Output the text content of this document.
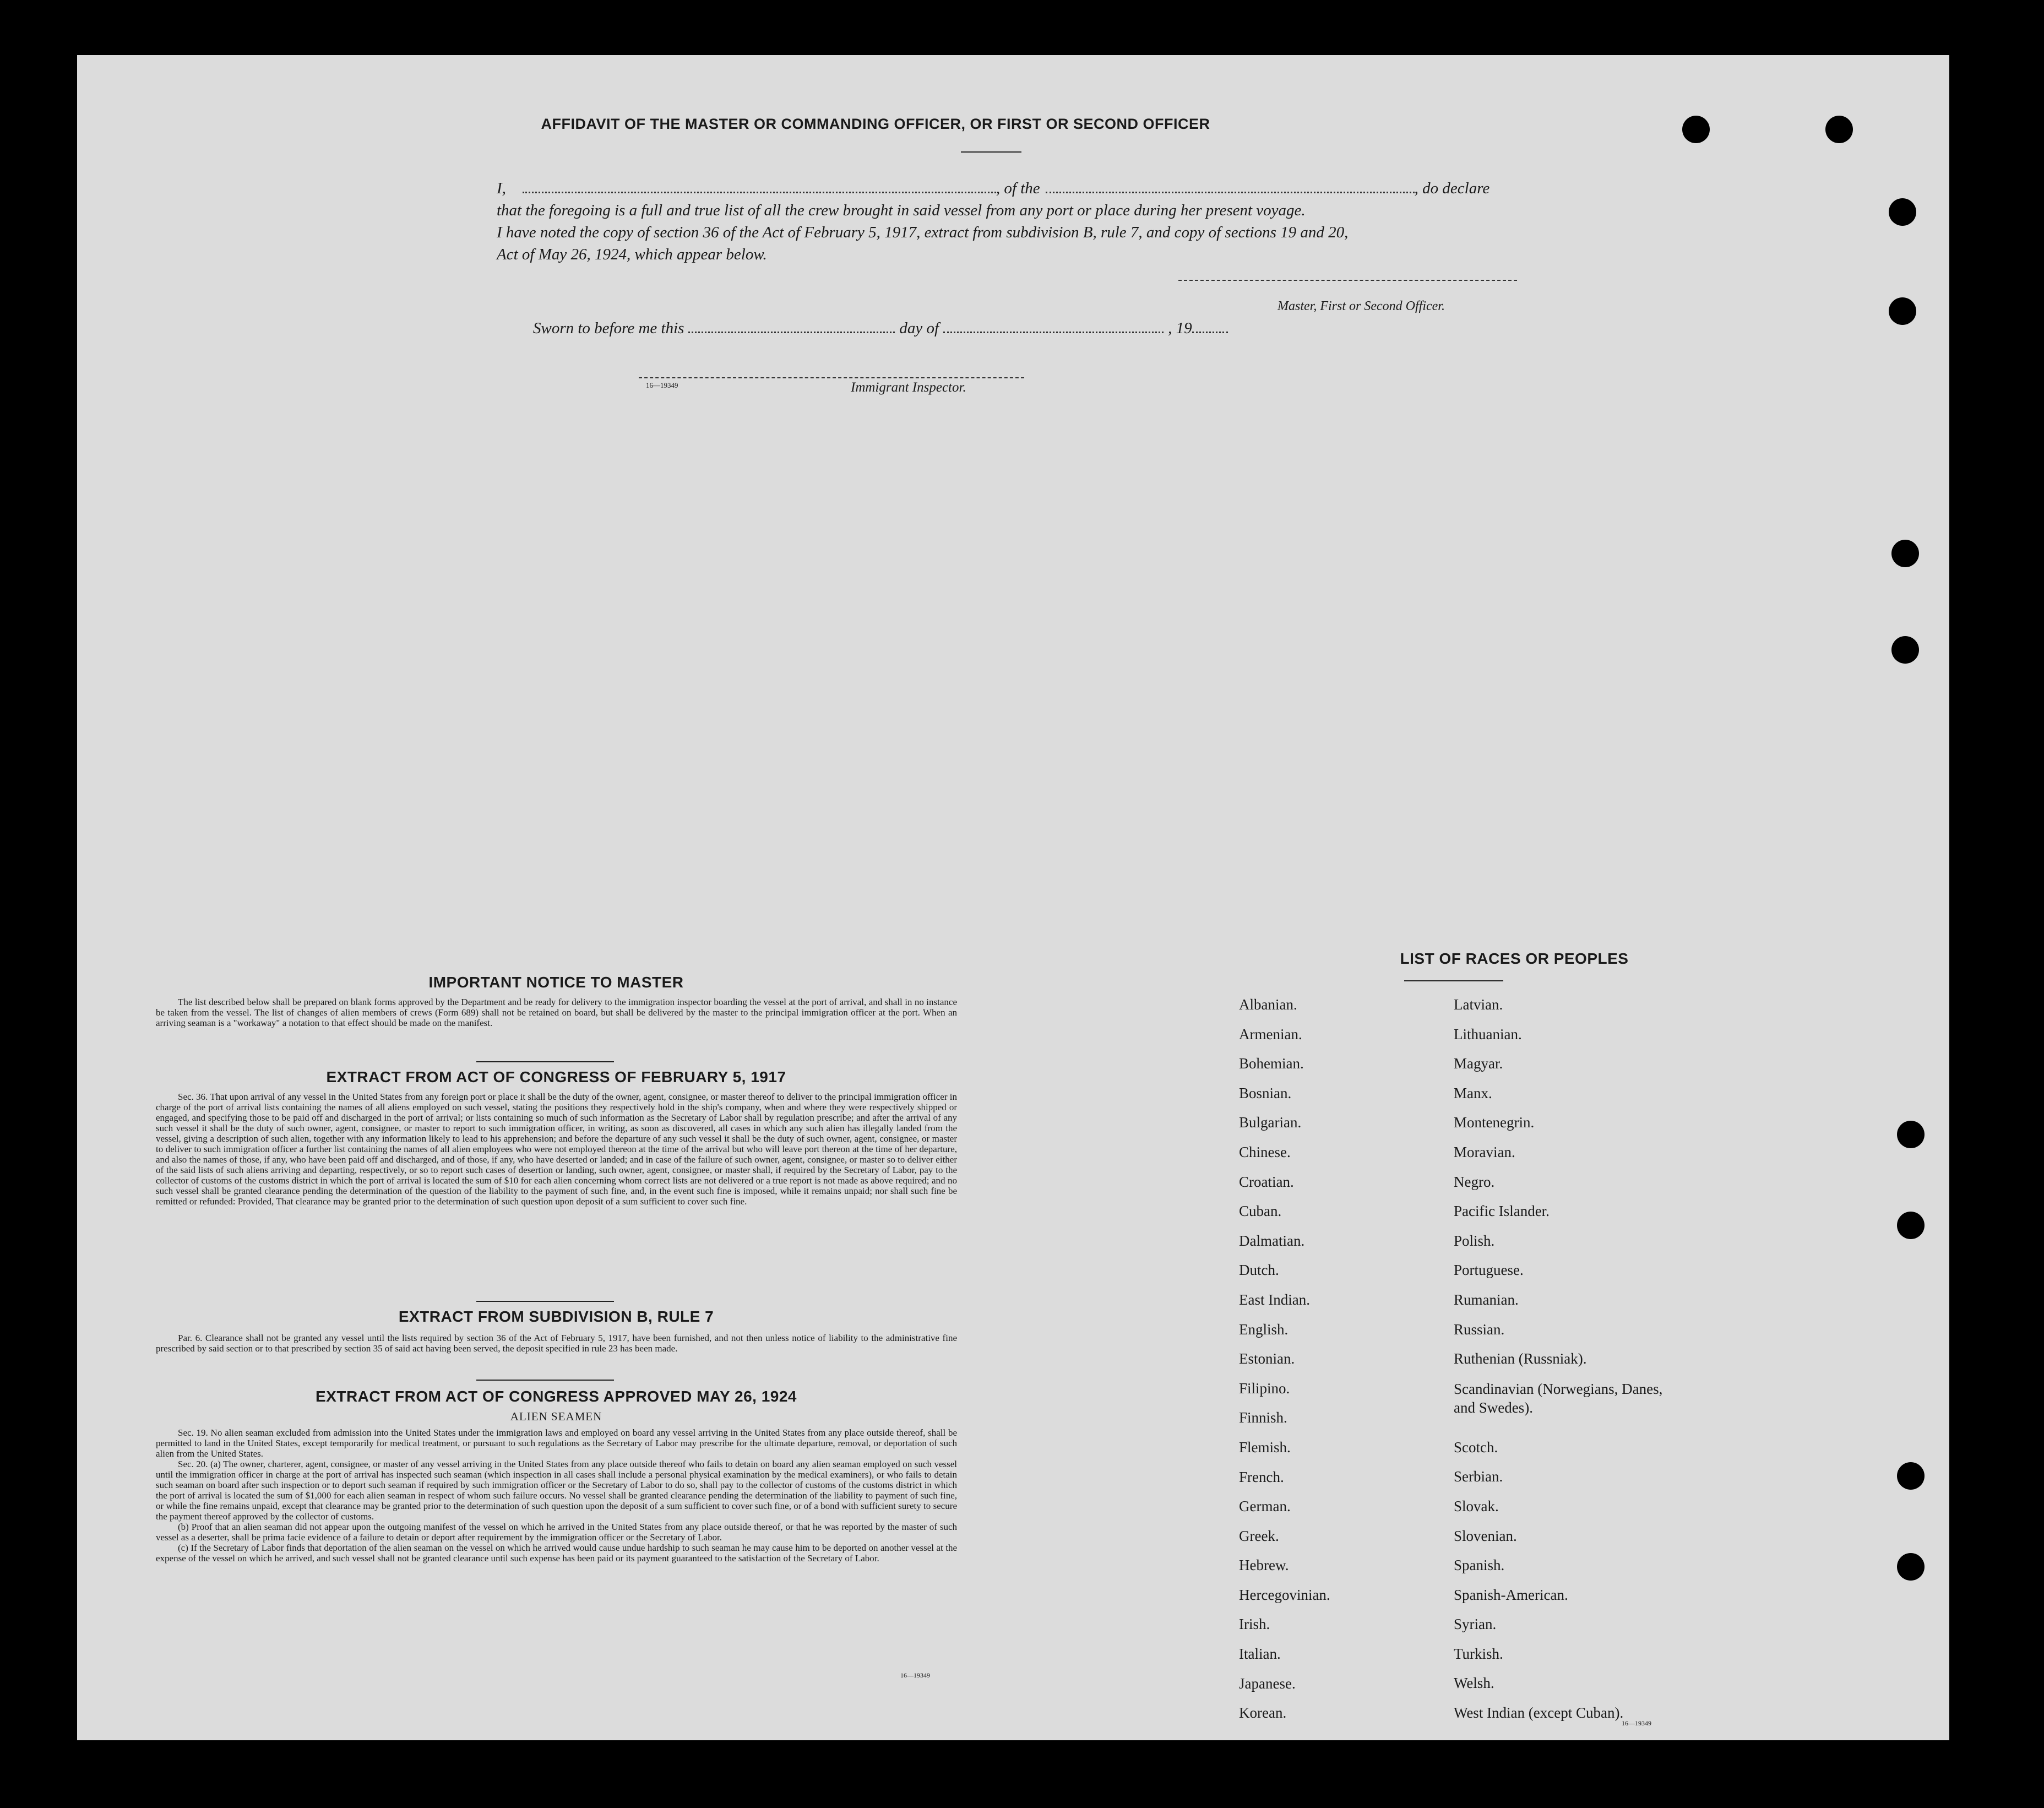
AFFIDAVIT OF THE MASTER OR COMMANDING OFFICER, OR FIRST OR SECOND OFFICER
I,	, of the	, do declare
that the foregoing is a full and true list of all the crew brought in said vessel from any port or place during her present voyage.
I have noted the copy of section 36 of the Act of February 5, 1917, extract from subdivision B, rule 7, and copy of sections 19 and 20,
Act of May 26, 1924, which appear below.
Master, First or Second Officer.
Sworn to before me this	day of	, 19
16—19349	Immigrant Inspector.
IMPORTANT NOTICE TO MASTER
The list described below shall be prepared on blank forms approved by the Department and be ready for delivery to the immigration inspector boarding the vessel at the port of arrival, and shall in no instance be taken from the vessel. The list of changes of alien members of crews (Form 689) shall not be retained on board, but shall be delivered by the master to the principal immigration officer at the port. When an arriving seaman is a "workaway" a notation to that effect should be made on the manifest.
EXTRACT FROM ACT OF CONGRESS OF FEBRUARY 5, 1917
Sec. 36. That upon arrival of any vessel in the United States from any foreign port or place it shall be the duty of the owner, agent, consignee, or master thereof to deliver to the principal immigration officer in charge of the port of arrival lists containing the names of all aliens employed on such vessel, stating the positions they respectively hold in the ship's company, when and where they were respectively shipped or engaged, and specifying those to be paid off and discharged in the port of arrival; or lists containing so much of such information as the Secretary of Labor shall by regulation prescribe; and after the arrival of any such vessel it shall be the duty of such owner, agent, consignee, or master to report to such immigration officer, in writing, as soon as discovered, all cases in which any such alien has illegally landed from the vessel, giving a description of such alien, together with any information likely to lead to his apprehension; and before the departure of any such vessel it shall be the duty of such owner, agent, consignee, or master to deliver to such immigration officer a further list containing the names of all alien employees who were not employed thereon at the time of the arrival but who will leave port thereon at the time of her departure, and also the names of those, if any, who have been paid off and discharged, and of those, if any, who have deserted or landed; and in case of the failure of such owner, agent, consignee, or master so to deliver either of the said lists of such aliens arriving and departing, respectively, or so to report such cases of desertion or landing, such owner, agent, consignee, or master shall, if required by the Secretary of Labor, pay to the collector of customs of the customs district in which the port of arrival is located the sum of $10 for each alien concerning whom correct lists are not delivered or a true report is not made as above required; and no such vessel shall be granted clearance pending the determination of the question of the liability to the payment of such fine, and, in the event such fine is imposed, while it remains unpaid; nor shall such fine be remitted or refunded: Provided, That clearance may be granted prior to the determination of such question upon deposit of a sum sufficient to cover such fine.
EXTRACT FROM SUBDIVISION B, RULE 7
Par. 6. Clearance shall not be granted any vessel until the lists required by section 36 of the Act of February 5, 1917, have been furnished, and not then unless notice of liability to the administrative fine prescribed by said section or to that prescribed by section 35 of said act having been served, the deposit specified in rule 23 has been made.
EXTRACT FROM ACT OF CONGRESS APPROVED MAY 26, 1924
ALIEN SEAMEN
Sec. 19. No alien seaman excluded from admission into the United States under the immigration laws and employed on board any vessel arriving in the United States from any place outside thereof, shall be permitted to land in the United States, except temporarily for medical treatment, or pursuant to such regulations as the Secretary of Labor may prescribe for the ultimate departure, removal, or deportation of such alien from the United States.
Sec. 20. (a) The owner, charterer, agent, consignee, or master of any vessel arriving in the United States from any place outside thereof who fails to detain on board any alien seaman employed on such vessel until the immigration officer in charge at the port of arrival has inspected such seaman (which inspection in all cases shall include a personal physical examination by the medical examiners), or who fails to detain such seaman on board after such inspection or to deport such seaman if required by such immigration officer or the Secretary of Labor to do so, shall pay to the collector of customs of the customs district in which the port of arrival is located the sum of $1,000 for each alien seaman in respect of whom such failure occurs. No vessel shall be granted clearance pending the determination of the liability to payment of such fine, or while the fine remains unpaid, except that clearance may be granted prior to the determination of such question upon the deposit of a sum sufficient to cover such fine, or of a bond with sufficient surety to secure the payment thereof approved by the collector of customs.
(b) Proof that an alien seaman did not appear upon the outgoing manifest of the vessel on which he arrived in the United States from any place outside thereof, or that he was reported by the master of such vessel as a deserter, shall be prima facie evidence of a failure to detain or deport after requirement by the immigration officer or the Secretary of Labor.
(c) If the Secretary of Labor finds that deportation of the alien seaman on the vessel on which he arrived would cause undue hardship to such seaman he may cause him to be deported on another vessel at the expense of the vessel on which he arrived, and such vessel shall not be granted clearance until such expense has been paid or its payment guaranteed to the satisfaction of the Secretary of Labor.
16—19349
LIST OF RACES OR PEOPLES
Albanian.
Armenian.
Bohemian.
Bosnian.
Bulgarian.
Chinese.
Croatian.
Cuban.
Dalmatian.
Dutch.
East Indian.
English.
Estonian.
Filipino.
Finnish.
Flemish.
French.
German.
Greek.
Hebrew.
Hercegovinian.
Irish.
Italian.
Japanese.
Korean.
Latvian.
Lithuanian.
Magyar.
Manx.
Montenegrin.
Moravian.
Negro.
Pacific Islander.
Polish.
Portuguese.
Rumanian.
Russian.
Ruthenian (Russniak).
Scandinavian (Norwegians, Danes, and Swedes).
Scotch.
Serbian.
Slovak.
Slovenian.
Spanish.
Spanish-American.
Syrian.
Turkish.
Welsh.
West Indian (except Cuban).
16—19349
